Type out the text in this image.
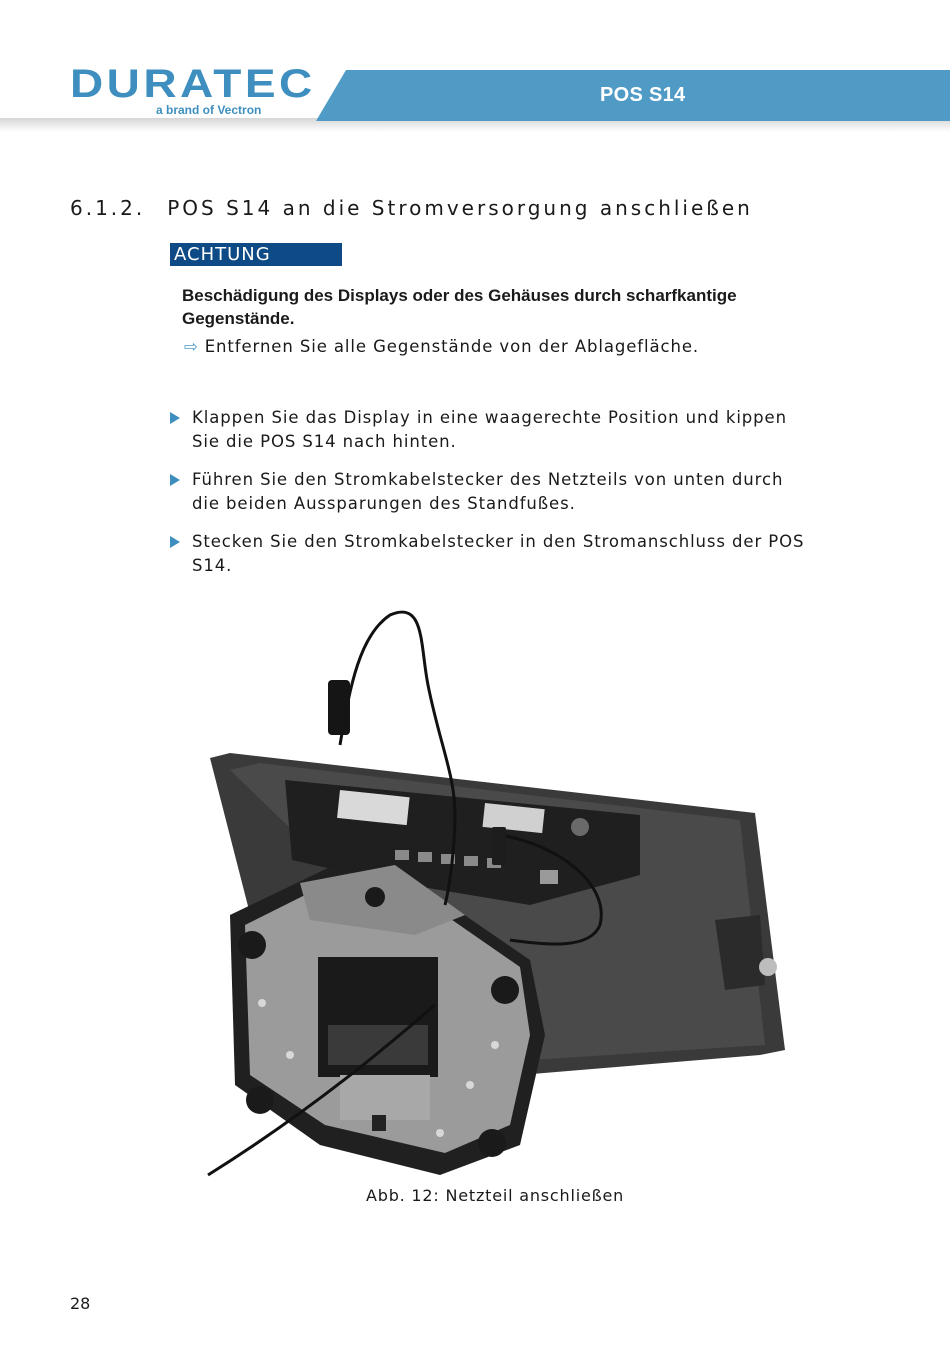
POS S14
DURATEC
a brand of Vectron
6.1.2. POS S14 an die Stromversorgung anschließen
ACHTUNG
Beschädigung des Displays oder des Gehäuses durch scharfkantige Gegenstände.
⇨ Entfernen Sie alle Gegenstände von der Ablagefläche.
Klappen Sie das Display in eine waagerechte Position und kippen Sie die POS S14 nach hinten.
Führen Sie den Stromkabelstecker des Netzteils von unten durch die beiden Aussparungen des Standfußes.
Stecken Sie den Stromkabelstecker in den Stromanschluss der POS S14.
Abb. 12: Netzteil anschließen
28
